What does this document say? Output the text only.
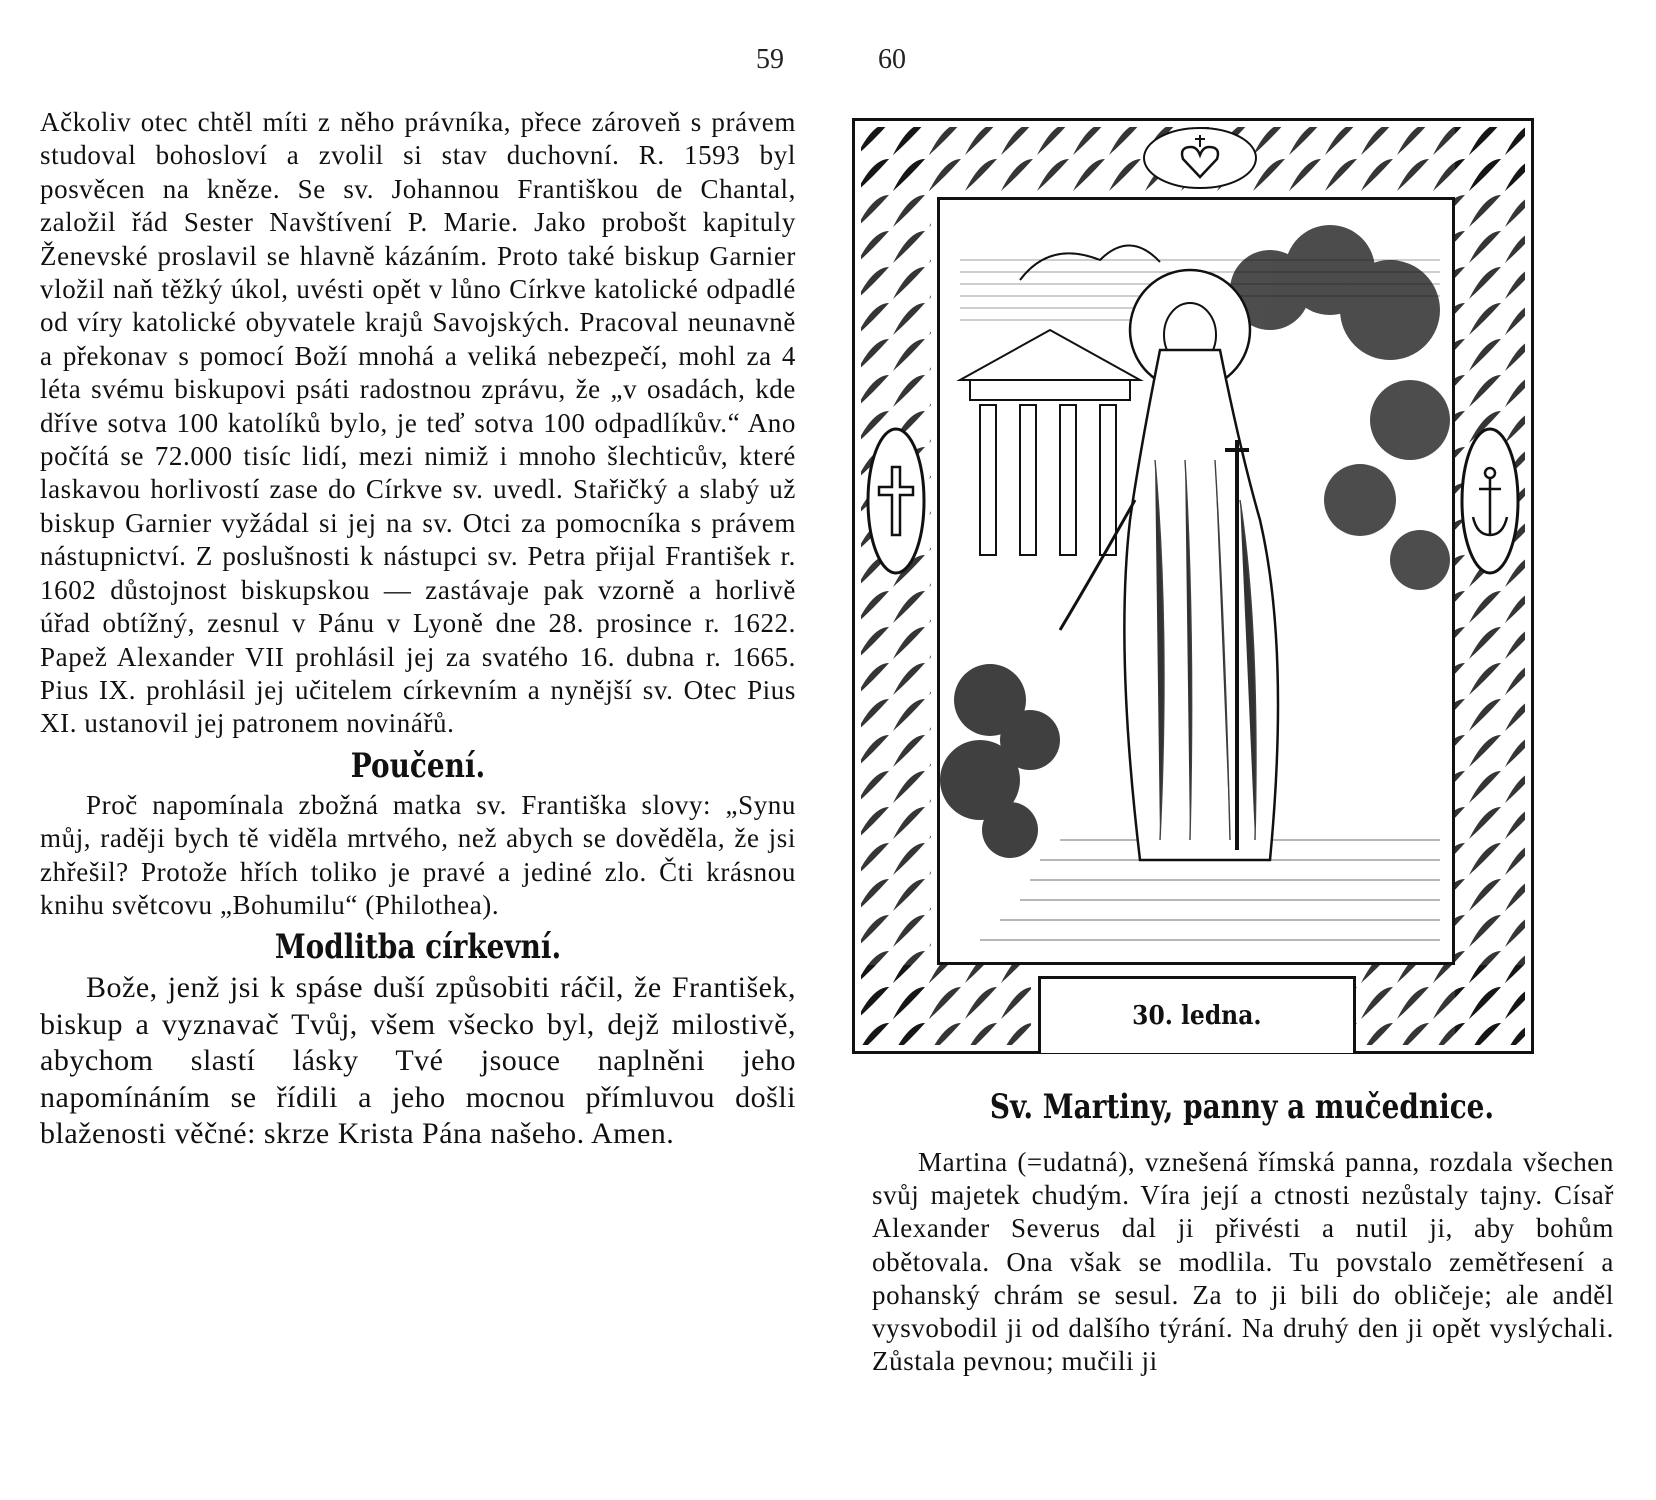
59

Ačkoliv otec chtěl míti z něho právníka, přece zároveň s právem studoval bohosloví a zvolil si stav duchovní. R. 1593 byl posvěcen na kněze. Se sv. Johannou Františkou de Chantal, založil řád Sester Navštívení P. Marie. Jako probošt kapituly Ženevské proslavil se hlavně kázáním. Proto také biskup Garnier vložil naň těžký úkol, uvésti opět v lůno Církve katolické odpadlé od víry katolické obyvatele krajů Savojských. Pracoval neunavně a překonav s pomocí Boží mnohá a veliká nebezpečí, mohl za 4 léta svému biskupovi psáti radostnou zprávu, že „v osadách, kde dříve sotva 100 katolíků bylo, je teď sotva 100 odpadlíkův.“ Ano počítá se 72.000 tisíc lidí, mezi nimiž i mnoho šlechticův, které laskavou horlivostí zase do Církve sv. uvedl. Stařičký a slabý už biskup Garnier vyžádal si jej na sv. Otci za pomocníka s právem nástupnictví. Z poslušnosti k nástupci sv. Petra přijal František r. 1602 důstojnost biskupskou — zastávaje pak vzorně a horlivě úřad obtížný, zesnul v Pánu v Lyoně dne 28. prosince r. 1622. Papež Alexander VII prohlásil jej za svatého 16. dubna r. 1665. Pius IX. prohlásil jej učitelem církevním a nynější sv. Otec Pius XI. ustanovil jej patronem novinářů.

Poučení.

Proč napomínala zbožná matka sv. Františka slovy: „Synu můj, raději bych tě viděla mrtvého, než abych se dověděla, že jsi zhřešil? Protože hřích toliko je pravé a jediné zlo. Čti krásnou knihu světcovu „Bohumilu“ (Philothea).

Modlitba církevní.

Bože, jenž jsi k spáse duší způsobiti ráčil, že František, biskup a vyznavač Tvůj, všem všecko byl, dejž milostivě, abychom slastí lásky Tvé jsouce naplněni jeho napomínáním se řídili a jeho mocnou přímluvou došli blaženosti věčné: skrze Krista Pána našeho. Amen.

60
30. ledna.
Sv. Martiny, panny a mučednice.

Martina (=udatná), vznešená římská panna, rozdala všechen svůj majetek chudým. Víra její a ctnosti nezůstaly tajny. Císař Alexander Severus dal ji přivésti a nutil ji, aby bohům obětovala. Ona však se modlila. Tu povstalo zemětřesení a pohanský chrám se sesul. Za to ji bili do obličeje; ale anděl vysvobodil ji od dalšího týrání. Na druhý den ji opět vyslýchali. Zůstala pevnou; mučili ji
